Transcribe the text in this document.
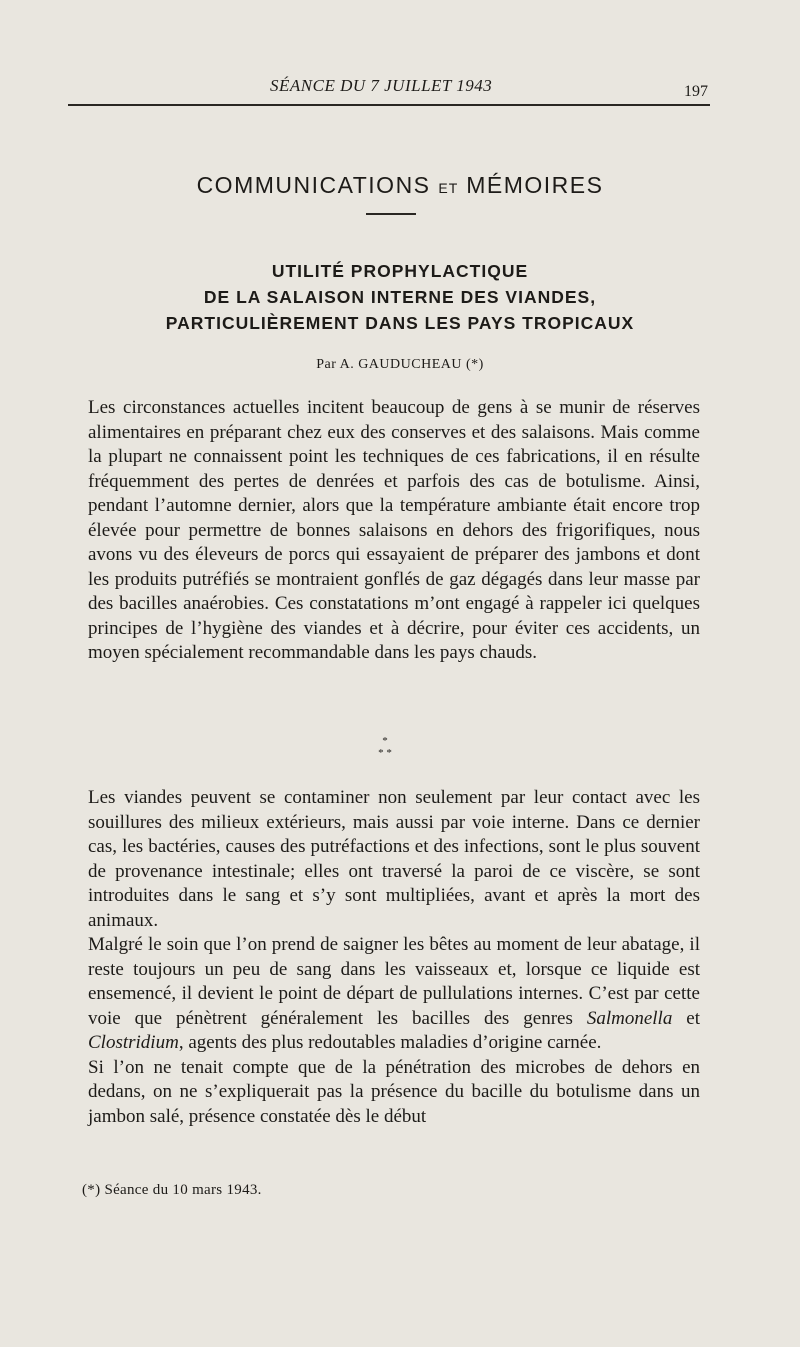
SÉANCE DU 7 JUILLET 1943	197
COMMUNICATIONS ET MÉMOIRES
UTILITÉ PROPHYLACTIQUE
DE LA SALAISON INTERNE DES VIANDES,
PARTICULIÈREMENT DANS LES PAYS TROPICAUX
Par A. GAUDUCHEAU (*)

Les circonstances actuelles incitent beaucoup de gens à se munir de réserves alimentaires en préparant chez eux des conserves et des salaisons. Mais comme la plupart ne connaissent point les techniques de ces fabrications, il en résulte fréquemment des pertes de denrées et parfois des cas de botulisme. Ainsi, pendant l’automne dernier, alors que la température ambiante était encore trop élevée pour permettre de bonnes salaisons en dehors des frigorifiques, nous avons vu des éleveurs de porcs qui essayaient de préparer des jambons et dont les produits putréfiés se montraient gonflés de gaz dégagés dans leur masse par des bacilles anaérobies. Ces constatations m’ont engagé à rappeler ici quelques principes de l’hygiène des viandes et à décrire, pour éviter ces accidents, un moyen spécialement recommandable dans les pays chauds.

*
* *

Les viandes peuvent se contaminer non seulement par leur contact avec les souillures des milieux extérieurs, mais aussi par voie interne. Dans ce dernier cas, les bactéries, causes des putréfactions et des infections, sont le plus souvent de provenance intestinale; elles ont traversé la paroi de ce viscère, se sont introduites dans le sang et s’y sont multipliées, avant et après la mort des animaux.

Malgré le soin que l’on prend de saigner les bêtes au moment de leur abatage, il reste toujours un peu de sang dans les vaisseaux et, lorsque ce liquide est ensemencé, il devient le point de départ de pullulations internes. C’est par cette voie que pénètrent généralement les bacilles des genres Salmonella et Clostridium, agents des plus redoutables maladies d’origine carnée.

Si l’on ne tenait compte que de la pénétration des microbes de dehors en dedans, on ne s’expliquerait pas la présence du bacille du botulisme dans un jambon salé, présence constatée dès le début

(*) Séance du 10 mars 1943.
